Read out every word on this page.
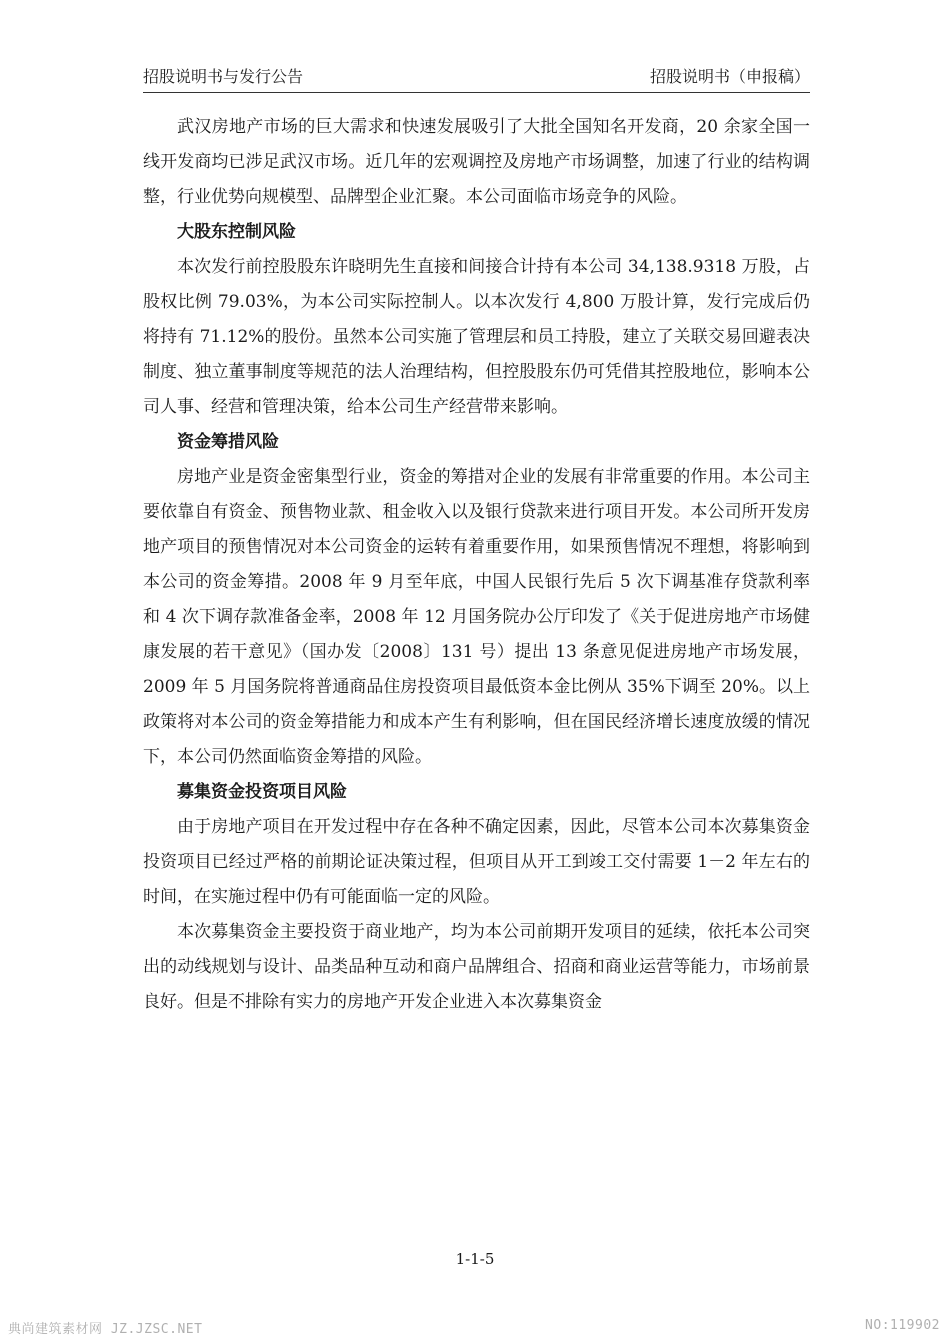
招股说明书与发行公告	招股说明书（申报稿）

武汉房地产市场的巨大需求和快速发展吸引了大批全国知名开发商，20 余家全国一线开发商均已涉足武汉市场。近几年的宏观调控及房地产市场调整，加速了行业的结构调整，行业优势向规模型、品牌型企业汇聚。本公司面临市场竞争的风险。

大股东控制风险

本次发行前控股股东许晓明先生直接和间接合计持有本公司 34,138.9318 万股，占股权比例 79.03%，为本公司实际控制人。以本次发行 4,800 万股计算，发行完成后仍将持有 71.12%的股份。虽然本公司实施了管理层和员工持股，建立了关联交易回避表决制度、独立董事制度等规范的法人治理结构，但控股股东仍可凭借其控股地位，影响本公司人事、经营和管理决策，给本公司生产经营带来影响。

资金筹措风险

房地产业是资金密集型行业，资金的筹措对企业的发展有非常重要的作用。本公司主要依靠自有资金、预售物业款、租金收入以及银行贷款来进行项目开发。本公司所开发房地产项目的预售情况对本公司资金的运转有着重要作用，如果预售情况不理想，将影响到本公司的资金筹措。2008 年 9 月至年底，中国人民银行先后 5 次下调基准存贷款利率和 4 次下调存款准备金率，2008 年 12 月国务院办公厅印发了《关于促进房地产市场健康发展的若干意见》（国办发〔2008〕131 号）提出 13 条意见促进房地产市场发展，2009 年 5 月国务院将普通商品住房投资项目最低资本金比例从 35%下调至 20%。以上政策将对本公司的资金筹措能力和成本产生有利影响，但在国民经济增长速度放缓的情况下，本公司仍然面临资金筹措的风险。

募集资金投资项目风险

由于房地产项目在开发过程中存在各种不确定因素，因此，尽管本公司本次募集资金投资项目已经过严格的前期论证决策过程，但项目从开工到竣工交付需要 1－2 年左右的时间，在实施过程中仍有可能面临一定的风险。

本次募集资金主要投资于商业地产，均为本公司前期开发项目的延续，依托本公司突出的动线规划与设计、品类品种互动和商户品牌组合、招商和商业运营等能力，市场前景良好。但是不排除有实力的房地产开发企业进入本次募集资金

1-1-5
典尚建筑素材网 JZ.JZSC.NET	NO:119902
